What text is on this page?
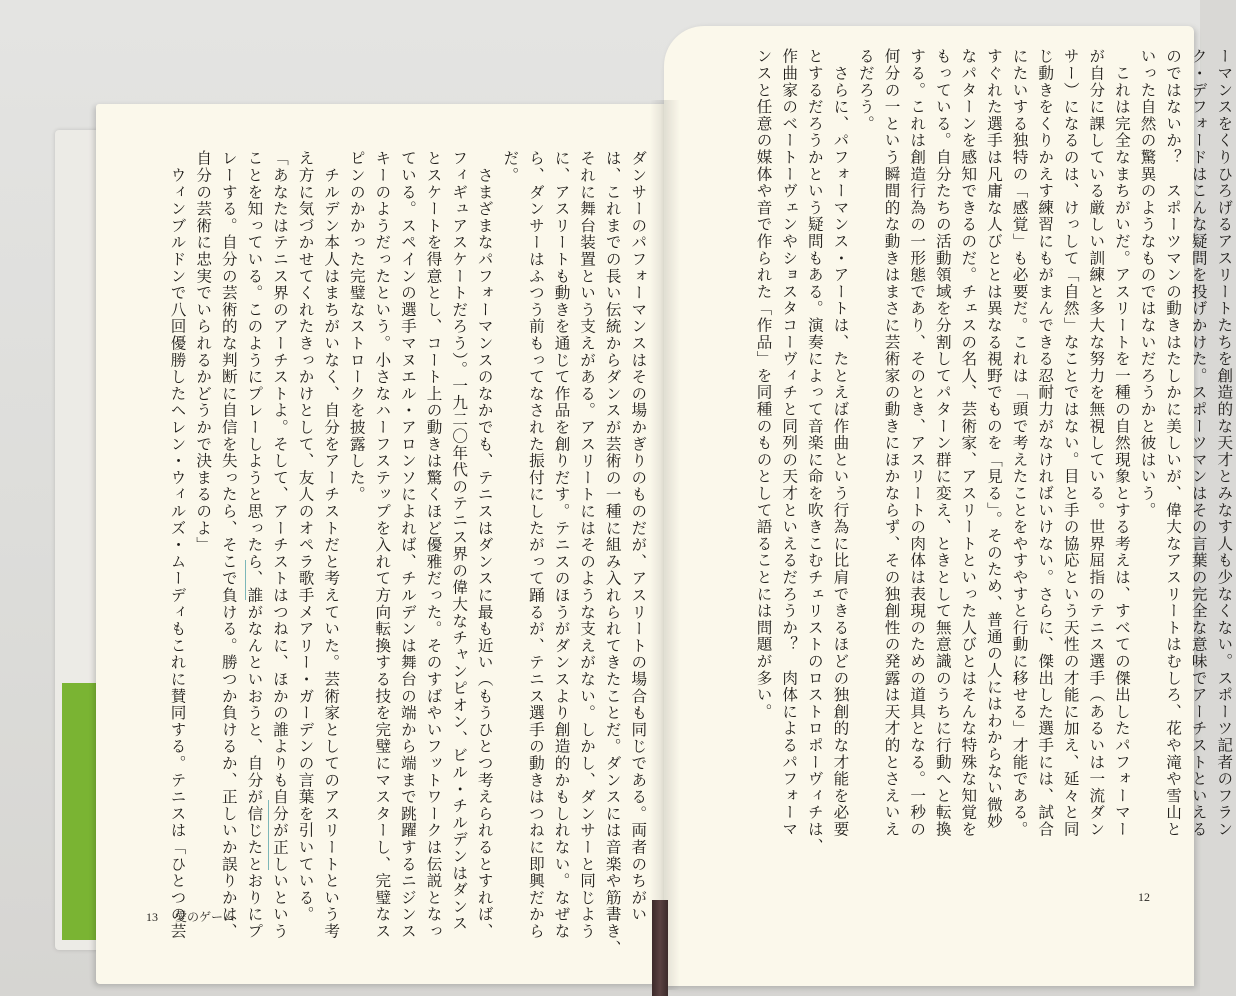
ーマンスをくりひろげるアスリートたちを創造的な天才とみなす人も少なくない。スポーツ記者のフラン
ク・デフォードはこんな疑問を投げかけた。スポーツマンはその言葉の完全な意味でアーチストといえる
のではないか？　スポーツマンの動きはたしかに美しいが、偉大なアスリートはむしろ、花や滝や雪山と
いった自然の驚異のようなものではないだろうかと彼はいう。
　これは完全なまちがいだ。アスリートを一種の自然現象とする考えは、すべての傑出したパフォーマー
が自分に課している厳しい訓練と多大な努力を無視している。世界屈指のテニス選手（あるいは一流ダン
サー）になるのは、けっして「自然」なことではない。目と手の協応という天性の才能に加え、延々と同
じ動きをくりかえす練習にもがまんできる忍耐力がなければいけない。さらに、傑出した選手には、試合
にたいする独特の「感覚」も必要だ。これは「頭で考えたことをやすやすと行動に移せる」才能である。
すぐれた選手は凡庸な人びととは異なる視野でものを「見る」。そのため、普通の人にはわからない微妙
なパターンを感知できるのだ。チェスの名人、芸術家、アスリートといった人びとはそんな特殊な知覚を
もっている。自分たちの活動領域を分割してパターン群に変え、ときとして無意識のうちに行動へと転換
する。これは創造行為の一形態であり、そのとき、アスリートの肉体は表現のための道具となる。一秒の
何分の一という瞬間的な動きはまさに芸術家の動きにほかならず、その独創性の発露は天才的とさえいえ
るだろう。
　さらに、パフォーマンス・アートは、たとえば作曲という行為に比肩できるほどの独創的な才能を必要
とするだろうかという疑問もある。演奏によって音楽に命を吹きこむチェリストのロストロポーヴィチは、
作曲家のベートーヴェンやショスタコーヴィチと同列の天才といえるだろうか？　肉体によるパフォーマ
ンスと任意の媒体や音で作られた「作品」を同種のものとして語ることには問題が多い。
ダンサーのパフォーマンスはその場かぎりのものだが、アスリートの場合も同じである。両者のちがい
は、これまでの長い伝統からダンスが芸術の一種に組み入れられてきたことだ。ダンスには音楽や筋書き、
それに舞台装置という支えがある。アスリートにはそのような支えがない。しかし、ダンサーと同じよう
に、アスリートも動きを通じて作品を創りだす。テニスのほうがダンスより創造的かもしれない。なぜな
ら、ダンサーはふつう前もってなされた振付にしたがって踊るが、テニス選手の動きはつねに即興だから
だ。
　さまざまなパフォーマンスのなかでも、テニスはダンスに最も近い（もうひとつ考えられるとすれば、
フィギュアスケートだろう）。一九二〇年代のテニス界の偉大なチャンピオン、ビル・チルデンはダンス
とスケートを得意とし、コート上の動きは驚くほど優雅だった。そのすばやいフットワークは伝説となっ
ている。スペインの選手マヌエル・アロンソによれば、チルデンは舞台の端から端まで跳躍するニジンス
キーのようだったという。小さなハーフステップを入れて方向転換する技を完璧にマスターし、完璧なス
ピンのかかった完璧なストロークを披露した。
　チルデン本人はまちがいなく、自分をアーチストだと考えていた。芸術家としてのアスリートという考
え方に気づかせてくれたきっかけとして、友人のオペラ歌手メアリー・ガーデンの言葉を引いている。
「あなたはテニス界のアーチストよ。そして、アーチストはつねに、ほかの誰よりも自分が正しいという
ことを知っている。このようにプレーしようと思ったら、誰がなんといおうと、自分が信じたとおりにプ
レーする。自分の芸術的な判断に自信を失ったら、そこで負ける。勝つか負けるか、正しいか誤りかは、
自分の芸術に忠実でいられるかどうかで決まるのよ」
　ウィンブルドンで八回優勝したヘレン・ウィルズ・ムーディもこれに賛同する。テニスは「ひとつの芸
13 愛のゲーム
12
